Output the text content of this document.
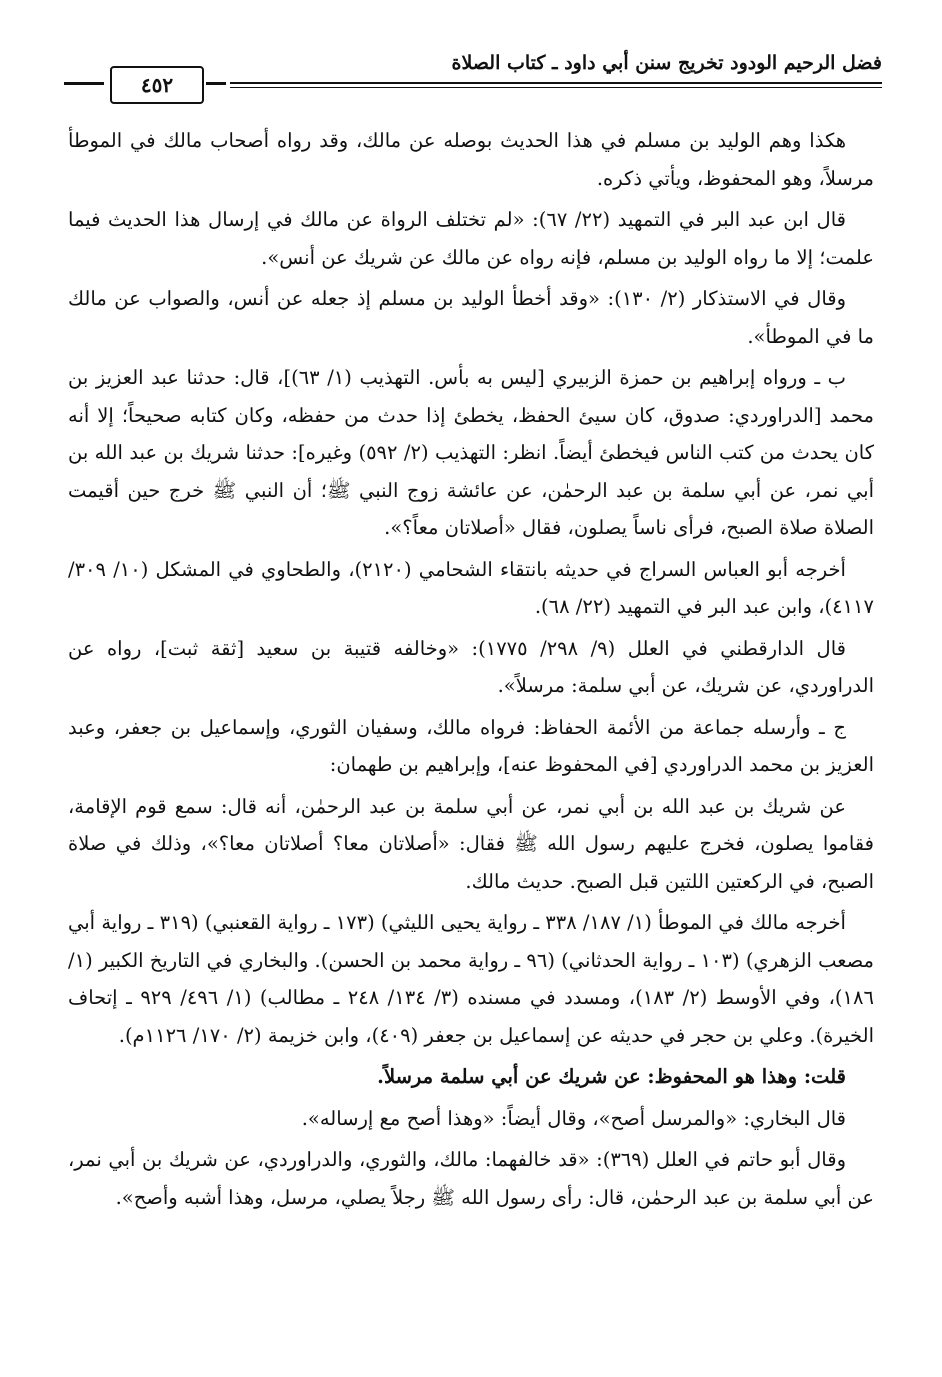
فضل الرحيم الودود تخريج سنن أبي داود ـ كتاب الصلاة
٤٥٢

هكذا وهم الوليد بن مسلم في هذا الحديث بوصله عن مالك، وقد رواه أصحاب مالك في الموطأ مرسلاً، وهو المحفوظ، ويأتي ذكره.

قال ابن عبد البر في التمهيد (٢٢/ ٦٧): «لم تختلف الرواة عن مالك في إرسال هذا الحديث فيما علمت؛ إلا ما رواه الوليد بن مسلم، فإنه رواه عن مالك عن شريك عن أنس».

وقال في الاستذكار (٢/ ١٣٠): «وقد أخطأ الوليد بن مسلم إذ جعله عن أنس، والصواب عن مالك ما في الموطأ».

ب ـ ورواه إبراهيم بن حمزة الزبيري [ليس به بأس. التهذيب (١/ ٦٣)]، قال: حدثنا عبد العزيز بن محمد [الدراوردي: صدوق، كان سيئ الحفظ، يخطئ إذا حدث من حفظه، وكان كتابه صحيحاً؛ إلا أنه كان يحدث من كتب الناس فيخطئ أيضاً. انظر: التهذيب (٢/ ٥٩٢) وغيره]: حدثنا شريك بن عبد الله بن أبي نمر، عن أبي سلمة بن عبد الرحمٰن، عن عائشة زوج النبي ﷺ؛ أن النبي ﷺ خرج حين أقيمت الصلاة صلاة الصبح، فرأى ناساً يصلون، فقال «أصلاتان معاً؟».

أخرجه أبو العباس السراج في حديثه بانتقاء الشحامي (٢١٢٠)، والطحاوي في المشكل (١٠/ ٣٠٩/ ٤١١٧)، وابن عبد البر في التمهيد (٢٢/ ٦٨).

قال الدارقطني في العلل (٩/ ٢٩٨/ ١٧٧٥): «وخالفه قتيبة بن سعيد [ثقة ثبت]، رواه عن الدراوردي، عن شريك، عن أبي سلمة: مرسلاً».

ج ـ وأرسله جماعة من الأئمة الحفاظ: فرواه مالك، وسفيان الثوري، وإسماعيل بن جعفر، وعبد العزيز بن محمد الدراوردي [في المحفوظ عنه]، وإبراهيم بن طهمان:

عن شريك بن عبد الله بن أبي نمر، عن أبي سلمة بن عبد الرحمٰن، أنه قال: سمع قوم الإقامة، فقاموا يصلون، فخرج عليهم رسول الله ﷺ فقال: «أصلاتان معا؟ أصلاتان معا؟»، وذلك في صلاة الصبح، في الركعتين اللتين قبل الصبح. حديث مالك.

أخرجه مالك في الموطأ (١/ ١٨٧/ ٣٣٨ ـ رواية يحيى الليثي) (١٧٣ ـ رواية القعنبي) (٣١٩ ـ رواية أبي مصعب الزهري) (١٠٣ ـ رواية الحدثاني) (٩٦ ـ رواية محمد بن الحسن). والبخاري في التاريخ الكبير (١/ ١٨٦)، وفي الأوسط (٢/ ١٨٣)، ومسدد في مسنده (٣/ ١٣٤/ ٢٤٨ ـ مطالب) (١/ ٤٩٦/ ٩٢٩ ـ إتحاف الخيرة). وعلي بن حجر في حديثه عن إسماعيل بن جعفر (٤٠٩)، وابن خزيمة (٢/ ١٧٠/ ١١٢٦م).

قلت: وهذا هو المحفوظ: عن شريك عن أبي سلمة مرسلاً.

قال البخاري: «والمرسل أصح»، وقال أيضاً: «وهذا أصح مع إرساله».

وقال أبو حاتم في العلل (٣٦٩): «قد خالفهما: مالك، والثوري، والدراوردي، عن شريك بن أبي نمر، عن أبي سلمة بن عبد الرحمٰن، قال: رأى رسول الله ﷺ رجلاً يصلي، مرسل، وهذا أشبه وأصح».
